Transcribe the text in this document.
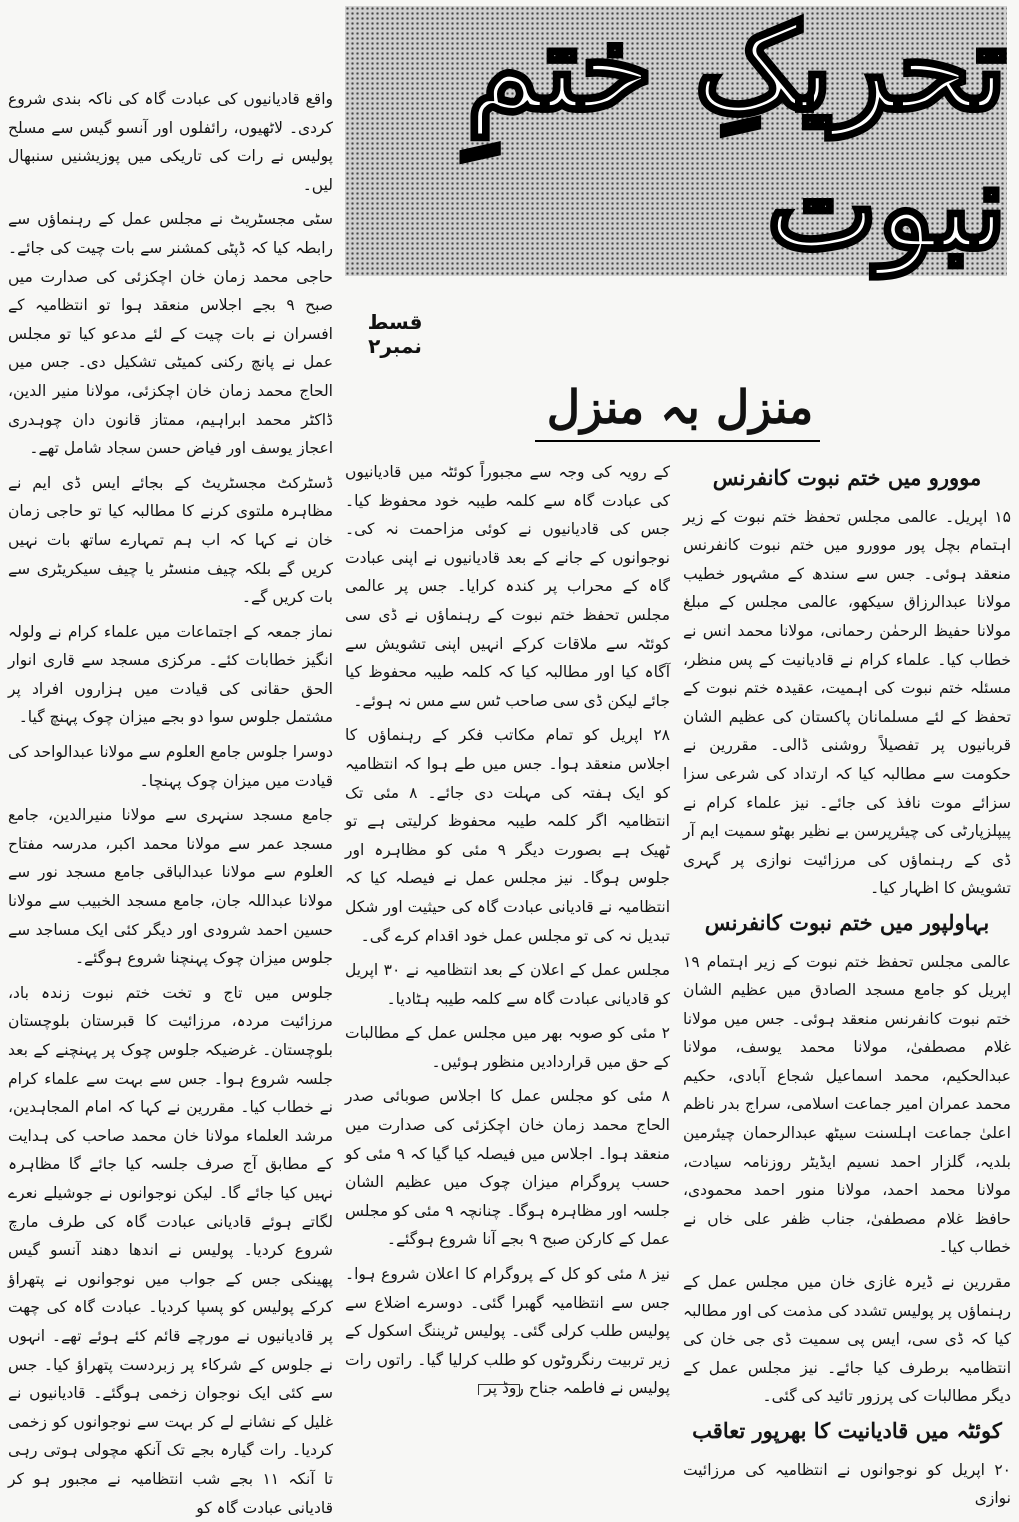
تحریکِ ختمِ نبوت
قسط نمبر۲
منزل بہ منزل

واقع قادیانیوں کی عبادت گاہ کی ناکہ بندی شروع کردی۔ لاٹھیوں، رائفلوں اور آنسو گیس سے مسلح پولیس نے رات کی تاریکی میں پوزیشنیں سنبھال لیں۔

سٹی مجسٹریٹ نے مجلس عمل کے رہنماؤں سے رابطہ کیا کہ ڈپٹی کمشنر سے بات چیت کی جائے۔ حاجی محمد زمان خان اچکزئی کی صدارت میں صبح ۹ بجے اجلاس منعقد ہوا تو انتظامیہ کے افسران نے بات چیت کے لئے مدعو کیا تو مجلس عمل نے پانچ رکنی کمیٹی تشکیل دی۔ جس میں الحاج محمد زمان خان اچکزئی، مولانا منیر الدین، ڈاکٹر محمد ابراہیم، ممتاز قانون دان چوہدری اعجاز یوسف اور فیاض حسن سجاد شامل تھے۔

ڈسٹرکٹ مجسٹریٹ کے بجائے ایس ڈی ایم نے مظاہرہ ملتوی کرنے کا مطالبہ کیا تو حاجی زمان خان نے کہا کہ اب ہم تمہارے ساتھ بات نہیں کریں گے بلکہ چیف منسٹر یا چیف سیکریٹری سے بات کریں گے۔

نماز جمعہ کے اجتماعات میں علماء کرام نے ولولہ انگیز خطابات کئے۔ مرکزی مسجد سے قاری انوار الحق حقانی کی قیادت میں ہزاروں افراد پر مشتمل جلوس سوا دو بجے میزان چوک پہنچ گیا۔

دوسرا جلوس جامع العلوم سے مولانا عبدالواحد کی قیادت میں میزان چوک پہنچا۔

جامع مسجد سنہری سے مولانا منیرالدین، جامع مسجد عمر سے مولانا محمد اکبر، مدرسہ مفتاح العلوم سے مولانا عبدالباقی جامع مسجد نور سے مولانا عبداللہ جان، جامع مسجد الخبیب سے مولانا حسین احمد شرودی اور دیگر کئی ایک مساجد سے جلوس میزان چوک پہنچنا شروع ہوگئے۔

جلوس میں تاج و تخت ختم نبوت زندہ باد، مرزائیت مردہ، مرزائیت کا قبرستان بلوچستان بلوچستان۔ غرضیکہ جلوس چوک پر پہنچنے کے بعد جلسہ شروع ہوا۔ جس سے بہت سے علماء کرام نے خطاب کیا۔ مقررین نے کہا کہ امام المجاہدین، مرشد العلماء مولانا خان محمد صاحب کی ہدایت کے مطابق آج صرف جلسہ کیا جائے گا مظاہرہ نہیں کیا جائے گا۔ لیکن نوجوانوں نے جوشیلے نعرے لگاتے ہوئے قادیانی عبادت گاہ کی طرف مارچ شروع کردیا۔ پولیس نے اندھا دھند آنسو گیس پھینکی جس کے جواب میں نوجوانوں نے پتھراؤ کرکے پولیس کو پسپا کردیا۔ عبادت گاہ کی چھت پر قادیانیوں نے مورچے قائم کئے ہوئے تھے۔ انہوں نے جلوس کے شرکاء پر زبردست پتھراؤ کیا۔ جس سے کئی ایک نوجوان زخمی ہوگئے۔ قادیانیوں نے غلیل کے نشانے لے کر بہت سے نوجوانوں کو زخمی کردیا۔ رات گیارہ بجے تک آنکھ مچولی ہوتی رہی تا آنکہ ۱۱ بجے شب انتظامیہ نے مجبور ہو کر قادیانی عبادت گاہ کو

کے رویہ کی وجہ سے مجبوراً کوئٹہ میں قادیانیوں کی عبادت گاہ سے کلمہ طیبہ خود محفوظ کیا۔ جس کی قادیانیوں نے کوئی مزاحمت نہ کی۔ نوجوانوں کے جانے کے بعد قادیانیوں نے اپنی عبادت گاہ کے محراب پر کندہ کرایا۔ جس پر عالمی مجلس تحفظ ختم نبوت کے رہنماؤں نے ڈی سی کوئٹہ سے ملاقات کرکے انہیں اپنی تشویش سے آگاہ کیا اور مطالبہ کیا کہ کلمہ طیبہ محفوظ کیا جائے لیکن ڈی سی صاحب ٹس سے مس نہ ہوئے۔

۲۸ اپریل کو تمام مکاتب فکر کے رہنماؤں کا اجلاس منعقد ہوا۔ جس میں طے ہوا کہ انتظامیہ کو ایک ہفتہ کی مہلت دی جائے۔ ۸ مئی تک انتظامیہ اگر کلمہ طیبہ محفوظ کرلیتی ہے تو ٹھیک ہے بصورت دیگر ۹ مئی کو مظاہرہ اور جلوس ہوگا۔ نیز مجلس عمل نے فیصلہ کیا کہ انتظامیہ نے قادیانی عبادت گاہ کی حیثیت اور شکل تبدیل نہ کی تو مجلس عمل خود اقدام کرے گی۔

مجلس عمل کے اعلان کے بعد انتظامیہ نے ۳۰ اپریل کو قادیانی عبادت گاہ سے کلمہ طیبہ ہٹادیا۔

۲ مئی کو صوبہ بھر میں مجلس عمل کے مطالبات کے حق میں قراردادیں منظور ہوئیں۔

۸ مئی کو مجلس عمل کا اجلاس صوبائی صدر الحاج محمد زمان خان اچکزئی کی صدارت میں منعقد ہوا۔ اجلاس میں فیصلہ کیا گیا کہ ۹ مئی کو حسب پروگرام میزان چوک میں عظیم الشان جلسہ اور مظاہرہ ہوگا۔ چنانچہ ۹ مئی کو مجلس عمل کے کارکن صبح ۹ بجے آنا شروع ہوگئے۔

نیز ۸ مئی کو کل کے پروگرام کا اعلان شروع ہوا۔ جس سے انتظامیہ گھبرا گئی۔ دوسرے اضلاع سے پولیس طلب کرلی گئی۔ پولیس ٹریننگ اسکول کے زیر تربیت رنگروٹوں کو طلب کرلیا گیا۔ راتوں رات پولیس نے فاطمہ جناح روڈ پر

موورو میں ختم نبوت کانفرنس

۱۵ اپریل۔ عالمی مجلس تحفظ ختم نبوت کے زیر اہتمام بچل پور موورو میں ختم نبوت کانفرنس منعقد ہوئی۔ جس سے سندھ کے مشہور خطیب مولانا عبدالرزاق سیکھو، عالمی مجلس کے مبلغ مولانا حفیظ الرحمٰن رحمانی، مولانا محمد انس نے خطاب کیا۔ علماء کرام نے قادیانیت کے پس منظر، مسئلہ ختم نبوت کی اہمیت، عقیدہ ختم نبوت کے تحفظ کے لئے مسلمانان پاکستان کی عظیم الشان قربانیوں پر تفصیلاً روشنی ڈالی۔ مقررین نے حکومت سے مطالبہ کیا کہ ارتداد کی شرعی سزا سزائے موت نافذ کی جائے۔ نیز علماء کرام نے پیپلزپارٹی کی چیئرپرسن بے نظیر بھٹو سمیت ایم آر ڈی کے رہنماؤں کی مرزائیت نوازی پر گہری تشویش کا اظہار کیا۔

بہاولپور میں ختم نبوت کانفرنس

عالمی مجلس تحفظ ختم نبوت کے زیر اہتمام ۱۹ اپریل کو جامع مسجد الصادق میں عظیم الشان ختم نبوت کانفرنس منعقد ہوئی۔ جس میں مولانا غلام مصطفیٰ، مولانا محمد یوسف، مولانا عبدالحکیم، محمد اسماعیل شجاع آبادی، حکیم محمد عمران امیر جماعت اسلامی، سراج بدر ناظم اعلیٰ جماعت اہلسنت سیٹھ عبدالرحمان چیئرمین بلدیہ، گلزار احمد نسیم ایڈیٹر روزنامہ سیادت، مولانا محمد احمد، مولانا منور احمد محمودی، حافظ غلام مصطفیٰ، جناب ظفر علی خاں نے خطاب کیا۔

مقررین نے ڈیرہ غازی خان میں مجلس عمل کے رہنماؤں پر پولیس تشدد کی مذمت کی اور مطالبہ کیا کہ ڈی سی، ایس پی سمیت ڈی جی خان کی انتظامیہ برطرف کیا جائے۔ نیز مجلس عمل کے دیگر مطالبات کی پرزور تائید کی گئی۔

کوئٹہ میں قادیانیت کا بھرپور تعاقب

۲۰ اپریل کو نوجوانوں نے انتظامیہ کی مرزائیت نوازی
